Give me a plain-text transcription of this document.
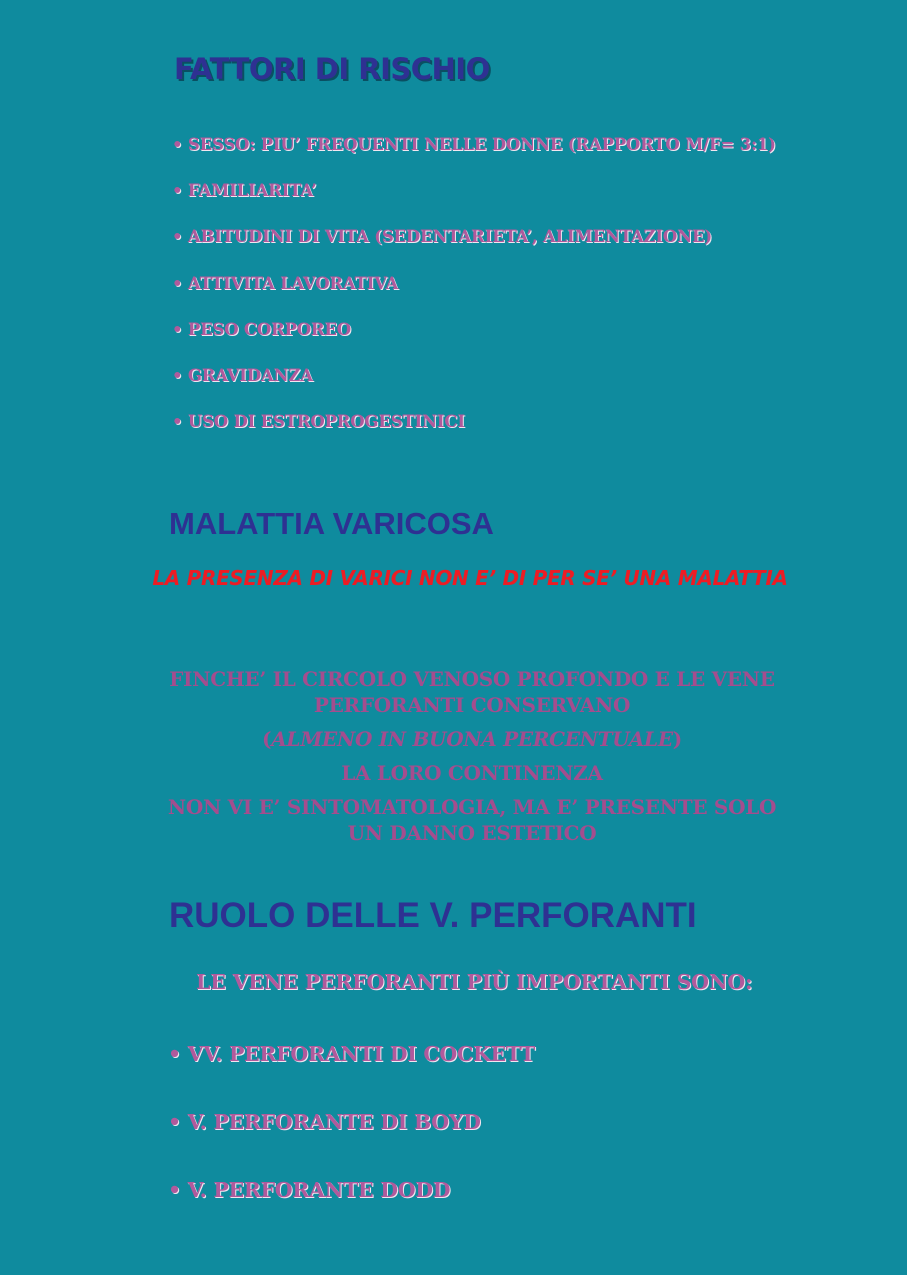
FATTORI DI RISCHIO
• SESSO: PIU’ FREQUENTI NELLE DONNE (RAPPORTO M/F= 3:1)
• FAMILIARITA’
• ABITUDINI DI VITA (SEDENTARIETA’, ALIMENTAZIONE)
• ATTIVITA LAVORATIVA
• PESO CORPOREO
• GRAVIDANZA
• USO DI ESTROPROGESTINICI
MALATTIA VARICOSA
LA PRESENZA DI VARICI NON E’ DI PER SE’ UNA MALATTIA
FINCHE’ IL CIRCOLO VENOSO PROFONDO E LE VENE PERFORANTI CONSERVANO
(ALMENO IN BUONA PERCENTUALE)
LA LORO CONTINENZA
NON VI E’ SINTOMATOLOGIA, MA E’ PRESENTE SOLO UN DANNO ESTETICO
RUOLO DELLE V. PERFORANTI
LE VENE PERFORANTI PIÙ IMPORTANTI SONO:
• VV. PERFORANTI DI COCKETT
• V. PERFORANTE DI BOYD
• V. PERFORANTE DODD
